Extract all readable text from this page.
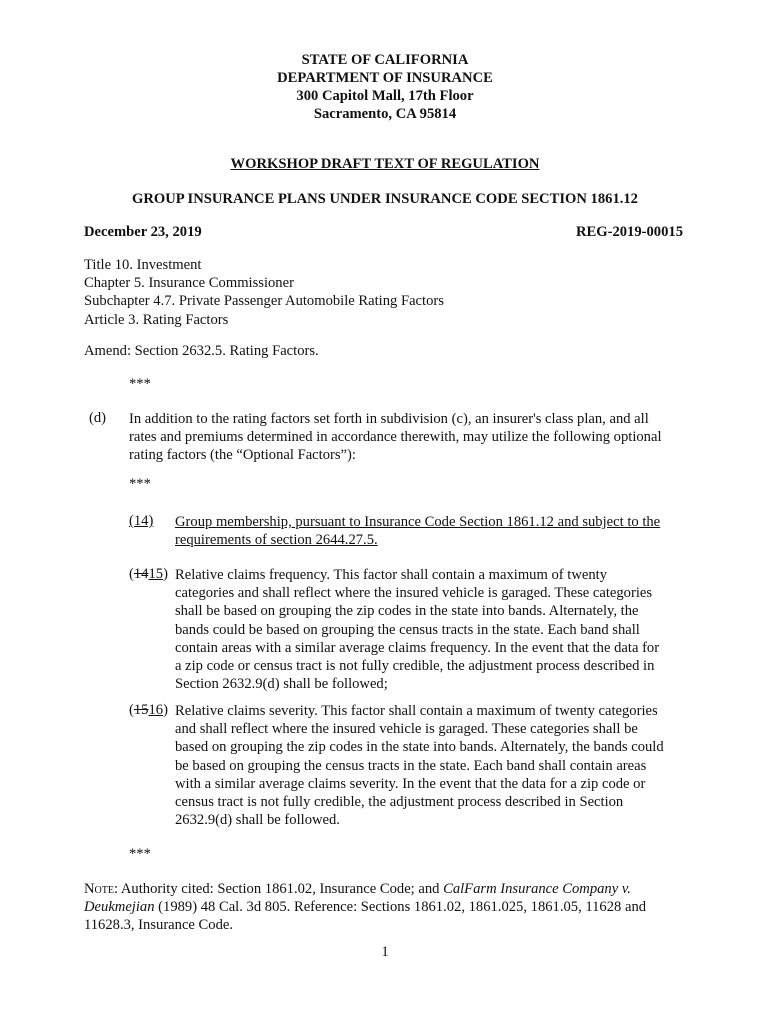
STATE OF CALIFORNIA
DEPARTMENT OF INSURANCE
300 Capitol Mall, 17th Floor
Sacramento, CA 95814
WORKSHOP DRAFT TEXT OF REGULATION
GROUP INSURANCE PLANS UNDER INSURANCE CODE SECTION 1861.12
December 23, 2019	REG-2019-00015
Title 10. Investment
Chapter 5. Insurance Commissioner
Subchapter 4.7. Private Passenger Automobile Rating Factors
Article 3. Rating Factors
Amend: Section 2632.5. Rating Factors.
***
(d) In addition to the rating factors set forth in subdivision (c), an insurer's class plan, and all
rates and premiums determined in accordance therewith, may utilize the following optional
rating factors (the “Optional Factors”):
***
(14) Group membership, pursuant to Insurance Code Section 1861.12 and subject to the
requirements of section 2644.27.5.
(1415) Relative claims frequency. This factor shall contain a maximum of twenty
categories and shall reflect where the insured vehicle is garaged. These categories
shall be based on grouping the zip codes in the state into bands. Alternately, the
bands could be based on grouping the census tracts in the state. Each band shall
contain areas with a similar average claims frequency. In the event that the data for
a zip code or census tract is not fully credible, the adjustment process described in
Section 2632.9(d) shall be followed;
(1516) Relative claims severity. This factor shall contain a maximum of twenty categories
and shall reflect where the insured vehicle is garaged. These categories shall be
based on grouping the zip codes in the state into bands. Alternately, the bands could
be based on grouping the census tracts in the state. Each band shall contain areas
with a similar average claims severity. In the event that the data for a zip code or
census tract is not fully credible, the adjustment process described in Section
2632.9(d) shall be followed.
***
Note: Authority cited: Section 1861.02, Insurance Code; and CalFarm Insurance Company v.
Deukmejian (1989) 48 Cal. 3d 805. Reference: Sections 1861.02, 1861.025, 1861.05, 11628 and
11628.3, Insurance Code.
1
